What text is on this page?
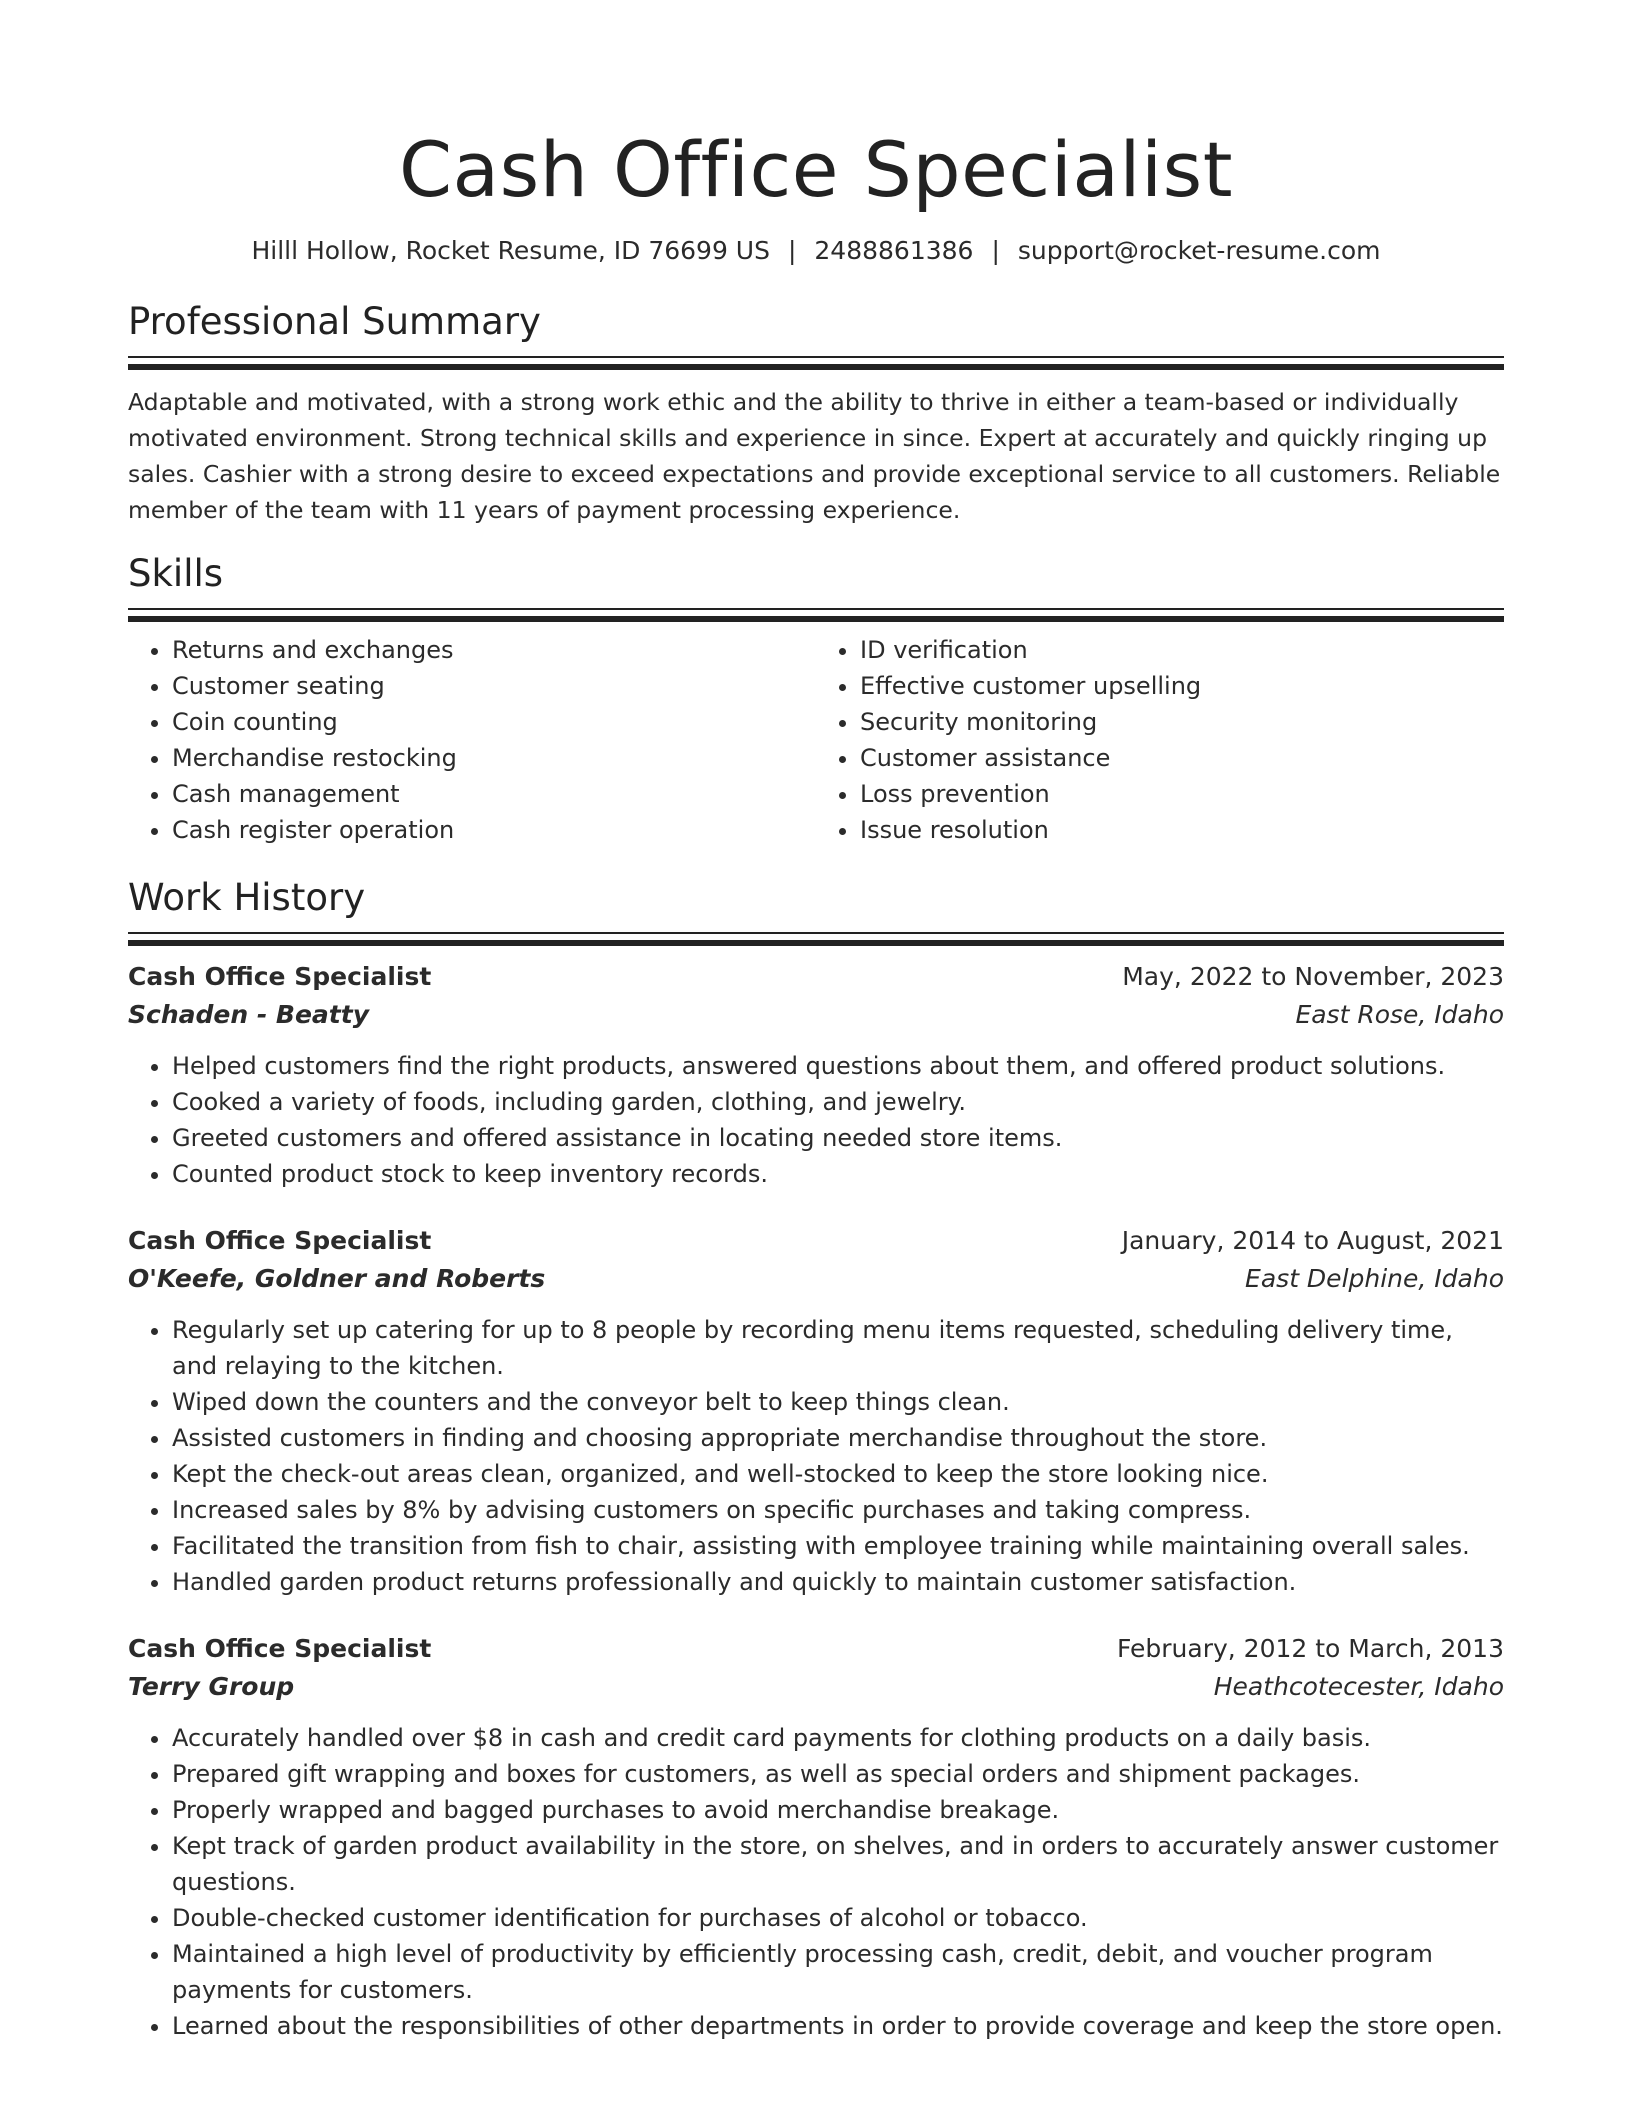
Cash Office Specialist
Hilll Hollow, Rocket Resume, ID 76699 US | 2488861386 | support@rocket-resume.com
Professional Summary

Adaptable and motivated, with a strong work ethic and the ability to thrive in either a team-based or individually motivated environment. Strong technical skills and experience in since. Expert at accurately and quickly ringing up sales. Cashier with a strong desire to exceed expectations and provide exceptional service to all customers. Reliable member of the team with 11 years of payment processing experience.

Skills
• Returns and exchanges
• Customer seating
• Coin counting
• Merchandise restocking
• Cash management
• Cash register operation
• ID verification
• Effective customer upselling
• Security monitoring
• Customer assistance
• Loss prevention
• Issue resolution
Work History
Cash Office Specialist	May, 2022 to November, 2023
Schaden - Beatty	East Rose, Idaho
• Helped customers find the right products, answered questions about them, and offered product solutions.
• Cooked a variety of foods, including garden, clothing, and jewelry.
• Greeted customers and offered assistance in locating needed store items.
• Counted product stock to keep inventory records.
Cash Office Specialist	January, 2014 to August, 2021
O'Keefe, Goldner and Roberts	East Delphine, Idaho
• Regularly set up catering for up to 8 people by recording menu items requested, scheduling delivery time, and relaying to the kitchen.
• Wiped down the counters and the conveyor belt to keep things clean.
• Assisted customers in finding and choosing appropriate merchandise throughout the store.
• Kept the check-out areas clean, organized, and well-stocked to keep the store looking nice.
• Increased sales by 8% by advising customers on specific purchases and taking compress.
• Facilitated the transition from fish to chair, assisting with employee training while maintaining overall sales.
• Handled garden product returns professionally and quickly to maintain customer satisfaction.
Cash Office Specialist	February, 2012 to March, 2013
Terry Group	Heathcotecester, Idaho
• Accurately handled over $8 in cash and credit card payments for clothing products on a daily basis.
• Prepared gift wrapping and boxes for customers, as well as special orders and shipment packages.
• Properly wrapped and bagged purchases to avoid merchandise breakage.
• Kept track of garden product availability in the store, on shelves, and in orders to accurately answer customer questions.
• Double-checked customer identification for purchases of alcohol or tobacco.
• Maintained a high level of productivity by efficiently processing cash, credit, debit, and voucher program payments for customers.
• Learned about the responsibilities of other departments in order to provide coverage and keep the store open.
